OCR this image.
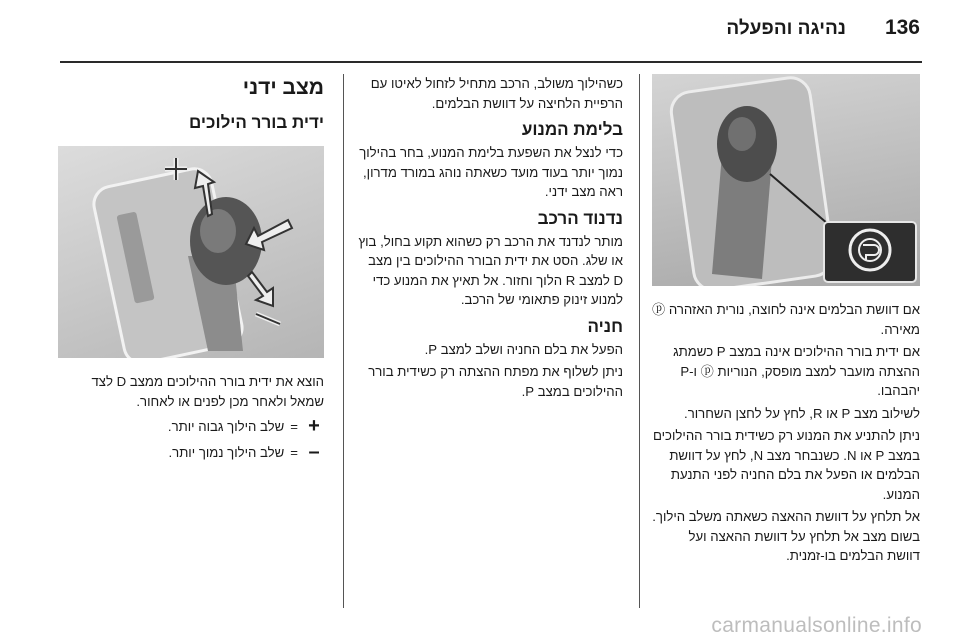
136
נהיגה והפעלה
מצב ידני
ידית בורר הילוכים

הוצא את ידית בורר ההילוכים ממצב D לצד שמאל ולאחר מכן לפנים או לאחור.

+
=
שלב הילוך גבוה יותר.
–
=
שלב הילוך נמוך יותר.

כשהילוך משולב, הרכב מתחיל לזחול לאיטו עם הרפיית הלחיצה על דוושת הבלמים.

בלימת המנוע

כדי לנצל את השפעת בלימת המנוע, בחר בהילוך נמוך יותר בעוד מועד כשאתה נוהג במורד מדרון, ראה מצב ידני.

נדנוד הרכב

מותר לנדנד את הרכב רק כשהוא תקוע בחול, בוץ או שלג. הסט את ידית הבורר ההילוכים בין מצב D למצב R הלוך וחזור. אל תאיץ את המנוע כדי למנוע זינוק פתאומי של הרכב.

חניה

הפעל את בלם החניה ושלב למצב P.

ניתן לשלוף את מפתח ההצתה רק כשידית בורר ההילוכים במצב P.

אם דוושת הבלמים אינה לחוצה, נורית האזהרה ⓟ מאירה.

אם ידית בורר ההילוכים אינה במצב P כשמתג ההצתה מועבר למצב מופסק, הנוריות ⓟ ו-P יהבהבו.

לשילוב מצב P או R, לחץ על לחצן השחרור.

ניתן להתניע את המנוע רק כשידית בורר ההילוכים במצב P או N. כשנבחר מצב N, לחץ על דוושת הבלמים או הפעל את בלם החניה לפני התנעת המנוע.

אל תלחץ על דוושת ההאצה כשאתה משלב הילוך. בשום מצב אל תלחץ על דוושת ההאצה ועל דוושת הבלמים בו-זמנית.

carmanualsonline.info
